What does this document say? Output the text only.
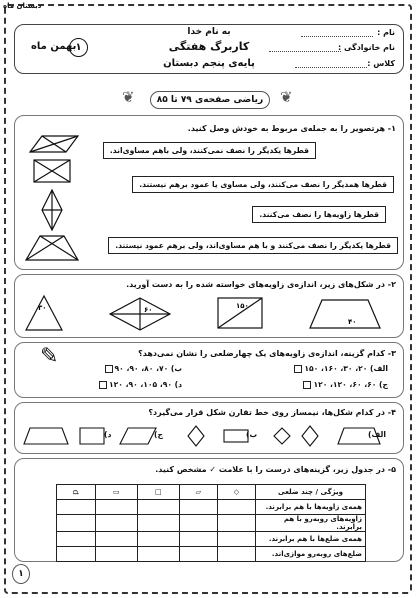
دبستان ماه
به نام خدا	نام :
نام خانوادگی :
کلاس :
کاربرگ هفتگی
پایه‌ی پنجم دبستان
بهمن ماه ۱
❦	ریاضی صفحه‌ی ۷۹ تا ۸۵	❦
۱- هرتصویر را به جمله‌ی مربوط به خودش وصل کنید.
قطرها یکدیگر را نصف نمی‌کنند، ولی باهم مساوی‌اند.
قطرها همدیگر را نصف می‌کنند، ولی مساوی یا عمود برهم نیستند.
قطرها زاویه‌ها را نصف می‌کنند.
قطرها یکدیگر را نصف می‌کنند و با هم مساوی‌اند، ولی برهم عمود نیستند.
۲- در شکل‌های زیر، اندازه‌ی زاویه‌های خواسته شده را به دست آورید.
۳۰	۶۰	۱۵۰
۴۰
✎	۳- کدام گزینه، اندازه‌ی زاویه‌های یک چهارضلعی را نشان نمی‌دهد؟
الف) ۲۰، ۳۰، ۱۶۰، ۱۵۰
ب) ۷۰، ۸۰، ۹۰، ۹۰
ج) ۶۰، ۶۰، ۱۲۰، ۱۲۰
د) ۹۰، ۱۰۵، ۹۰، ۱۲۰
۴- در کدام شکل‌ها، نیمساز روی خط تقارن شکل قرار می‌گیرد؟
د)	ج)	ب)	الف)
۵- در جدول زیر، گزینه‌های درست را با علامت ✓ مشخص کنید.
ویژگی / چند ضلعی	◇	▱	□	▭	⏢
همه‌ی زاویه‌ها با هم برابرند.					
زاویه‌های روبه‌رو با هم برابرند.					
همه‌ی ضلع‌ها با هم برابرند.					
ضلع‌های روبه‌رو موازی‌اند.					
۱
